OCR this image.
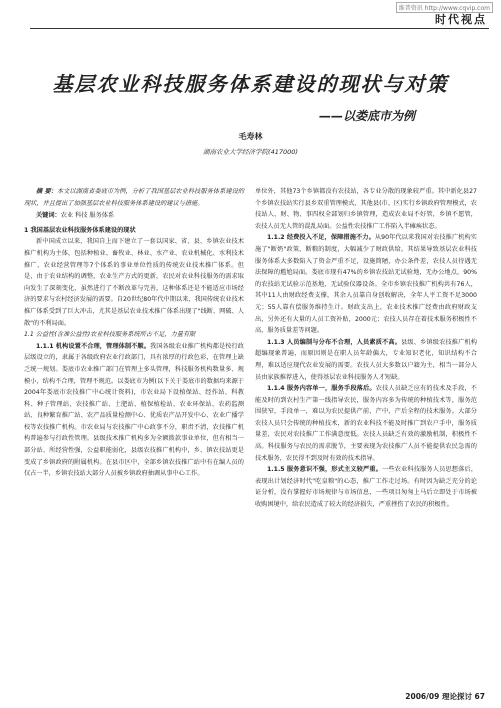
维普资讯 http://www.cqvip.com
时代视点
基层农业科技服务体系建设的现状与对策
——以娄底市为例
毛寿林
湖南农业大学经济学院(417000)

摘 要：本文以湖南省娄底市为例，分析了我国基层农业科技服务体系建设的现状，并且提出了加强基层农业科技服务体系建设的建议与措施。

关键词：农业 科技 服务体系

1 我国基层农业科技服务体系建设的现状

新中国成立以来，我国自上而下建立了一套以国家、省、县、乡镇农业技术推广机构为主体，包括种植业、畜牧业、林业、水产业、农业机械化、水利技术推广、农业经营管理等7个体系的事业单位性质的传统农业技术推广体系。但是，由于农业结构的调整，农业生产方式的更新，农民对农业科技服务的需求取向发生了深刻变化，虽然进行了不断改革与完善，这种体系还是不能适应市场经济的要求与农村经济发展的需要。自20世纪80年代中期以来，我国传统农业技术推广体系受到了巨大冲击，尤其是基层农业技术推广体系出现了"线断、网破、人散"的不利局面。

1.1 公益性(含准公益性)农业科技服务系统所占不足，力量有限

1.1.1 机构设置不合理，管理体制不顺。我国各级农业推广机构都是按行政层级设立的，隶属于各级政府农业行政部门，具有浓厚的行政色彩，在管理上缺乏统一规划。娄底市农业推广部门在管理上多头管理，科技服务机构数量多、规模小，结构不合理，管理不规范。以娄底市为例(以下关于娄底市的数据均来源于2004年娄底市农技推广中心统计资料)，市农业局下设植保站、经作站、科教科、种子管理站、农技推广站、土肥站、植保植检站、农业环保站、农药监测站、良种繁育推广站、农产品质量检测中心、优质农产品开发中心、农业广播学校等农技推广机构。市农业局与农技推广中心政事不分，职责不清，农技推广机构普遍参与行政性管理。县级技术推广机构多为全额拨款事业单位，但有相当一部分站、所经营性强，公益职能弱化，县级农技推广机构中，乡、镇农技站更是变成了乡镇政府的附属机构。在县市区中，全部乡镇农技推广站中有在编人员的仅占一半，乡镇农技站大部分人员被乡镇政府抽调从事中心工作。

单位外，其他73个乡镇都没有农技站，各专业分散的现象较严重。其中新化县27个乡镇农技站实行县乡双重管理模式，其他县(市、区)实行乡镇政府管理模式，农技站人、财、物、事四权全部划归乡镇管理，造成农业局不好管，乡镇不愿管，农技人员无人管的混乱局面。公益性农技推广工作陷入半瘫痪状态。

1.1.2 经费投入不足，保障措施不力。从90年代以来我国对农技推广机构实施了"断奶"政策，断粮的制度，大幅减少了财政供给。其结果导致基层农业科技服务体系大多数陷入了资金严重不足，设施简陋，办公条件差，农技人员待遇无法保障的尴尬局面。娄底市现有47%的乡镇农技站无试验地，无办公地点，90%的农技站无试验示范基地，无试验仪器设备。全市乡镇农技推广机构共有76人，其中11人由财政经费支撑，其余人员靠自身创收解决，全年人平工资不足3000元；55人靠有偿服务维持生计。财政支出上，农业技术推广经费由政府财政支出，另外还有大量的人员工资补贴，2000元；农技人员存在着技术服务积极性不高，服务质量差等问题。

1.1.3 人员编制与分布不合理，人员素质不高。县级、乡镇级农技推广机构超编现象普遍，而原因则是在职人员年龄偏大，专业知识老化，知识结构不合理，难以适应现代农业发展的需要。农技人员大多数以户籍为主，相当一部分人员由家族推荐进入，使得基层农业科技服务人才短缺。

1.1.4 服务内容单一，服务手段落后。农技人员缺乏应有的技术及手段，不能及时的到农村生产第一线指导农民，服务内容多为传统的种植技术等，服务范围狭窄，手段单一，难以为农民提供产前、产中、产后全程的技术服务。大部分农技人员只会传统的种植技术，新的农业科技不能及时推广到农户手中，服务质量差，农民对农技推广工作满意度低。农技人员缺乏有效的激励机制，积极性不高。科技服务与农民的需求脱节，主要表现为农技推广人员不能提供农民急需的技术服务，农民得不到及时有效的技术指导。

1.1.5 服务意识不强，形式主义较严重。一些农业科技服务人员思想落后，表现出计划经济时代"吃皇粮"的心态，推广工作走过场。有时因为缺乏充分的论证分析，没有掌握好市场规律与市场信息，一些项目匆匆上马后立即处于市场被收购困境中，给农民造成了较大的经济损失，严重挫伤了农民的积极性。

2006/09 理论探讨 67
